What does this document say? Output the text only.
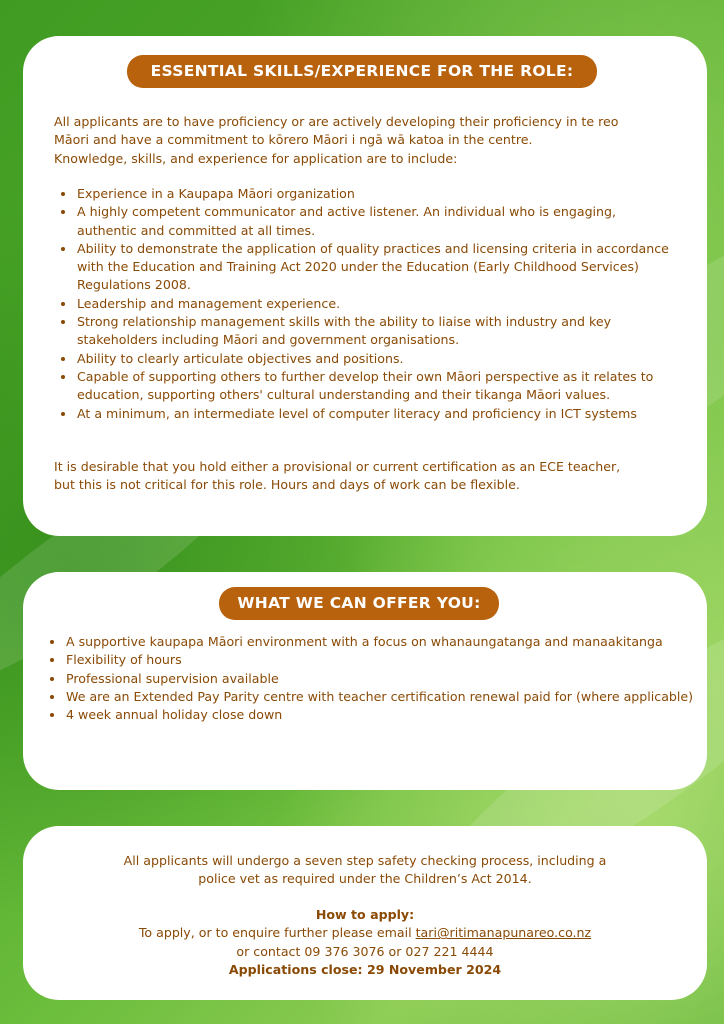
ESSENTIAL SKILLS/EXPERIENCE FOR THE ROLE:

All applicants are to have proficiency or are actively developing their proficiency in te reo
Māori and have a commitment to kōrero Māori i ngā wā katoa in the centre.
Knowledge, skills, and experience for application are to include:

• Experience in a Kaupapa Māori organization
• A highly competent communicator and active listener. An individual who is engaging, authentic and committed at all times.
• Ability to demonstrate the application of quality practices and licensing criteria in accordance with the Education and Training Act 2020 under the Education (Early Childhood Services) Regulations 2008.
• Leadership and management experience.
• Strong relationship management skills with the ability to liaise with industry and key stakeholders including Māori and government organisations.
• Ability to clearly articulate objectives and positions.
• Capable of supporting others to further develop their own Māori perspective as it relates to education, supporting others' cultural understanding and their tikanga Māori values.
• At a minimum, an intermediate level of computer literacy and proficiency in ICT systems

It is desirable that you hold either a provisional or current certification as an ECE teacher,
but this is not critical for this role. Hours and days of work can be flexible.

WHAT WE CAN OFFER YOU:
• A supportive kaupapa Māori environment with a focus on whanaungatanga and manaakitanga
• Flexibility of hours
• Professional supervision available
• We are an Extended Pay Parity centre with teacher certification renewal paid for (where applicable)
• 4 week annual holiday close down

All applicants will undergo a seven step safety checking process, including a
police vet as required under the Children’s Act 2014.

How to apply:
To apply, or to enquire further please email tari@ritimanapunareo.co.nz
or contact 09 376 3076 or 027 221 4444
Applications close: 29 November 2024
